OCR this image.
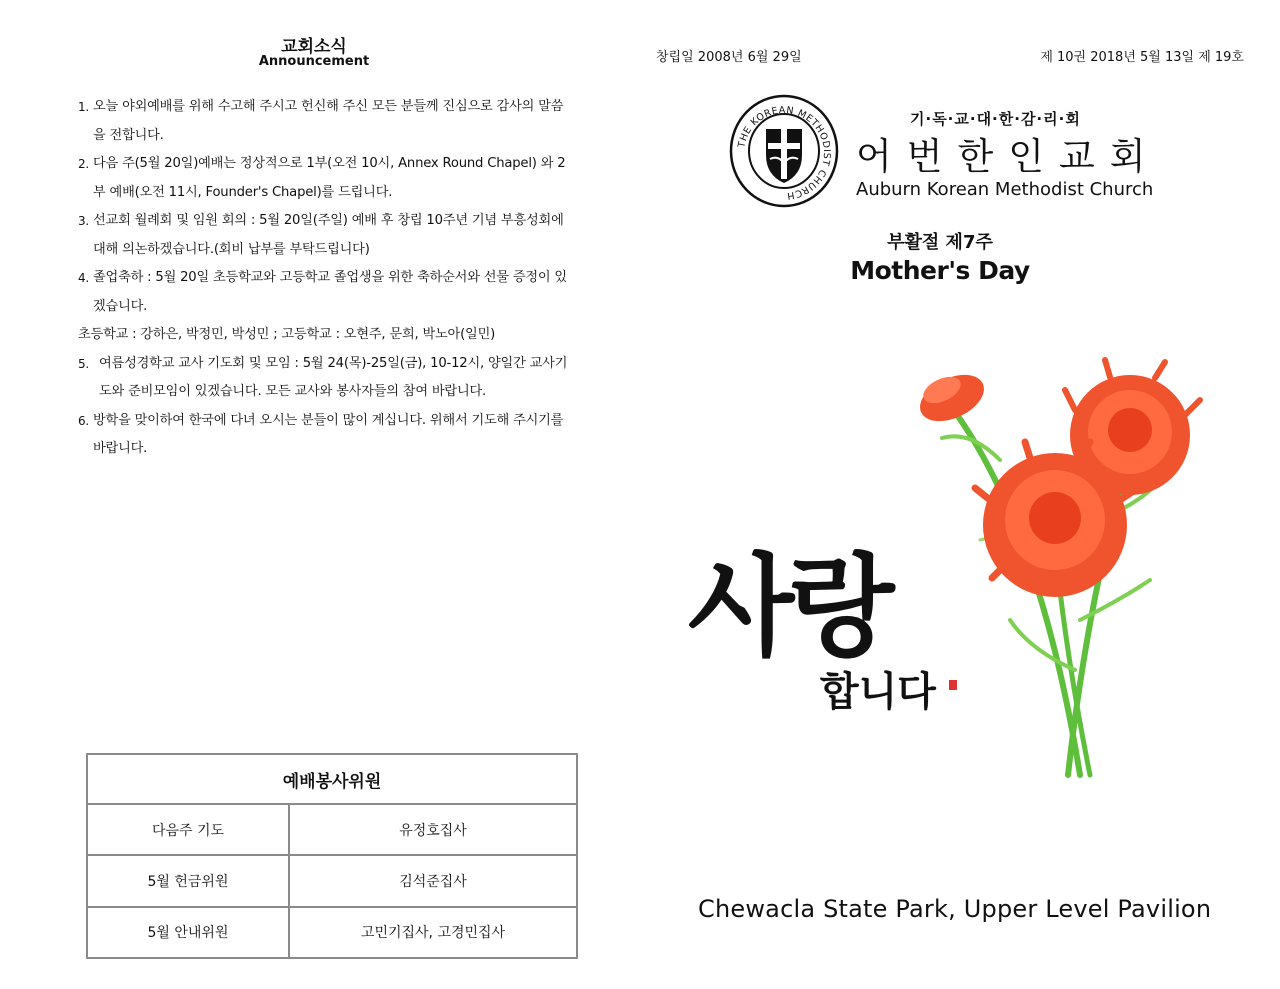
교회소식
Announcement
1. 오늘 야외예배를 위해 수고해 주시고 헌신해 주신 모든 분들께 진심으로 감사의 말씀을 전합니다.
2. 다음 주(5월 20일)예배는 정상적으로 1부(오전 10시, Annex Round Chapel) 와 2부 예배(오전 11시, Founder's Chapel)를 드립니다.
3. 선교회 월례회 및 임원 회의 : 5월 20일(주일) 예배 후 창립 10주년 기념 부흥성회에 대해 의논하겠습니다.(회비 납부를 부탁드립니다)
4. 졸업축하 : 5월 20일 초등학교와 고등학교 졸업생을 위한 축하순서와 선물 증정이 있겠습니다.
초등학교 : 강하은, 박정민, 박성민 ; 고등학교 : 오현주, 문희, 박노아(일민)
5. 여름성경학교 교사 기도회 및 모임 : 5월 24(목)-25일(금), 10-12시, 양일간 교사기도와 준비모임이 있겠습니다. 모든 교사와 봉사자들의 참여 바랍니다.
6. 방학을 맞이하여 한국에 다녀 오시는 분들이 많이 계십니다. 위해서 기도해 주시기를 바랍니다.
예배봉사위원	
다음주 기도	유정호집사
5월 헌금위원	김석준집사
5월 안내위원	고민기집사, 고경민집사
창립일 2008년 6월 29일	제 10권 2018년 5월 13일 제 19호
THE KOREAN METHODIST CHURCH
기·독·교·대·한·감·리·회
어번한인교회
Auburn Korean Methodist Church
부활절 제7주
Mother's Day
사랑
합니다
Chewacla State Park, Upper Level Pavilion
